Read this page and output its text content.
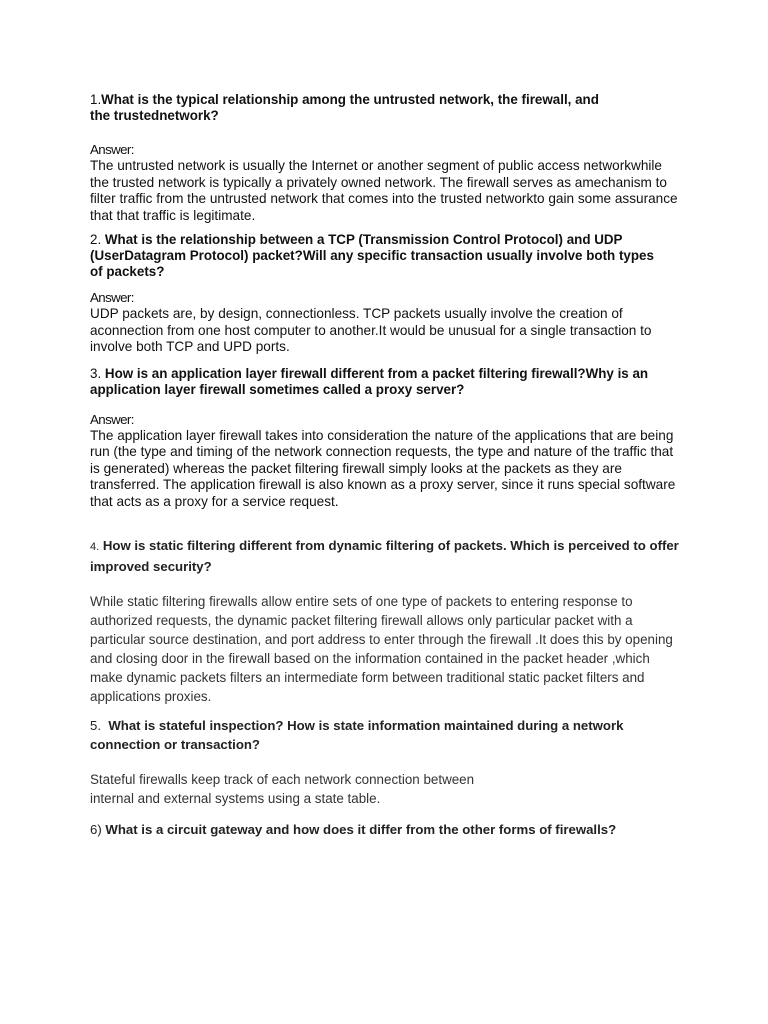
1.What is the typical relationship among the untrusted network, the firewall, and the trustednetwork?

Answer:

The untrusted network is usually the Internet or another segment of public access networkwhile the trusted network is typically a privately owned network. The firewall serves as amechanism to filter traffic from the untrusted network that comes into the trusted networkto gain some assurance that that traffic is legitimate.

2. What is the relationship between a TCP (Transmission Control Protocol) and UDP (UserDatagram Protocol) packet?Will any specific transaction usually involve both types of packets?

Answer:

UDP packets are, by design, connectionless. TCP packets usually involve the creation of aconnection from one host computer to another.It would be unusual for a single transaction to involve both TCP and UPD ports.

3. How is an application layer firewall different from a packet filtering firewall?Why is an application layer firewall sometimes called a proxy server?

Answer:

The application layer firewall takes into consideration the nature of the applications that are being run (the type and timing of the network connection requests, the type and nature of the traffic that is generated) whereas the packet filtering firewall simply looks at the packets as they are transferred. The application firewall is also known as a proxy server, since it runs special software that acts as a proxy for a service request.

4. How is static filtering different from dynamic filtering of packets. Which is perceived to offer improved security?

While static filtering firewalls allow entire sets of one type of packets to entering response to authorized requests, the dynamic packet filtering firewall allows only particular packet with a particular source destination, and port address to enter through the firewall .It does this by opening and closing door in the firewall based on the information contained in the packet header ,which make dynamic packets filters an intermediate form between traditional static packet filters and applications proxies.

5. What is stateful inspection? How is state information maintained during a network connection or transaction?

Stateful firewalls keep track of each network connection between

internal and external systems using a state table.

6) What is a circuit gateway and how does it differ from the other forms of firewalls?
